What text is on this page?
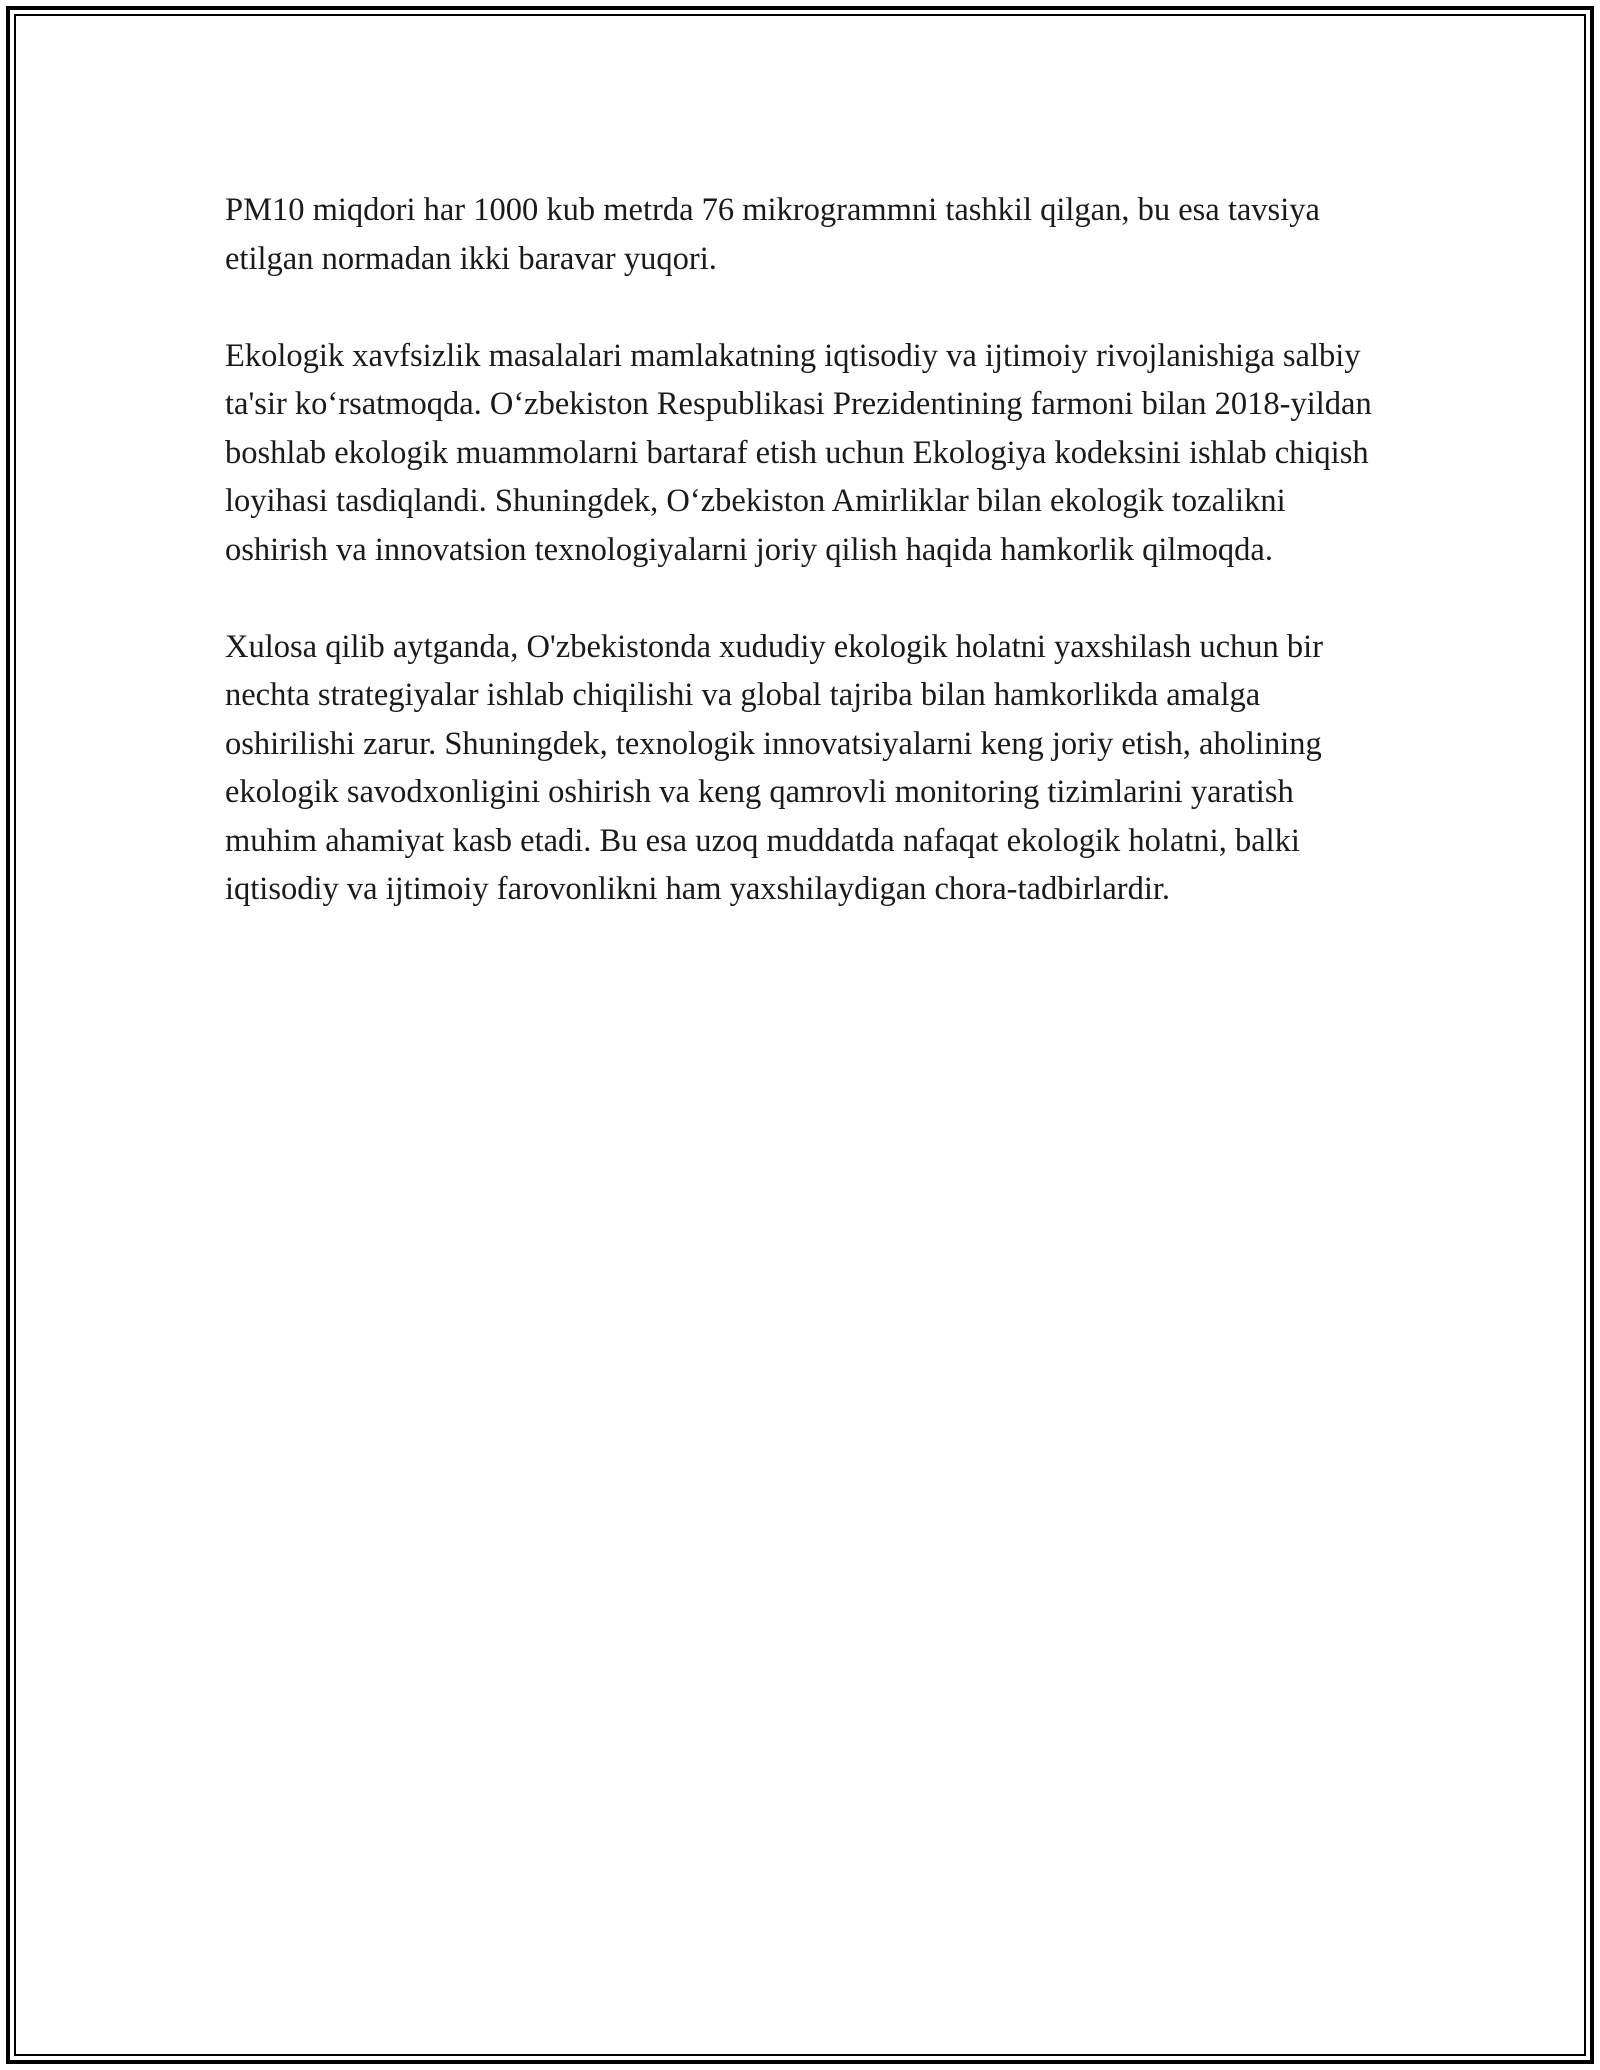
PM10 miqdori har 1000 kub metrda 76 mikrogrammni tashkil qilgan, bu esa tavsiya etilgan normadan ikki baravar yuqori.

Ekologik xavfsizlik masalalari mamlakatning iqtisodiy va ijtimoiy rivojlanishiga salbiy ta'sir koʻrsatmoqda. Oʻzbekiston Respublikasi Prezidentining farmoni bilan 2018-yildan boshlab ekologik muammolarni bartaraf etish uchun Ekologiya kodeksini ishlab chiqish loyihasi tasdiqlandi. Shuningdek, Oʻzbekiston Amirliklar bilan ekologik tozalikni oshirish va innovatsion texnologiyalarni joriy qilish haqida hamkorlik qilmoqda.

Xulosa qilib aytganda, O'zbekistonda xududiy ekologik holatni yaxshilash uchun bir nechta strategiyalar ishlab chiqilishi va global tajriba bilan hamkorlikda amalga oshirilishi zarur. Shuningdek, texnologik innovatsiyalarni keng joriy etish, aholining ekologik savodxonligini oshirish va keng qamrovli monitoring tizimlarini yaratish muhim ahamiyat kasb etadi. Bu esa uzoq muddatda nafaqat ekologik holatni, balki iqtisodiy va ijtimoiy farovonlikni ham yaxshilaydigan chora-tadbirlardir.
